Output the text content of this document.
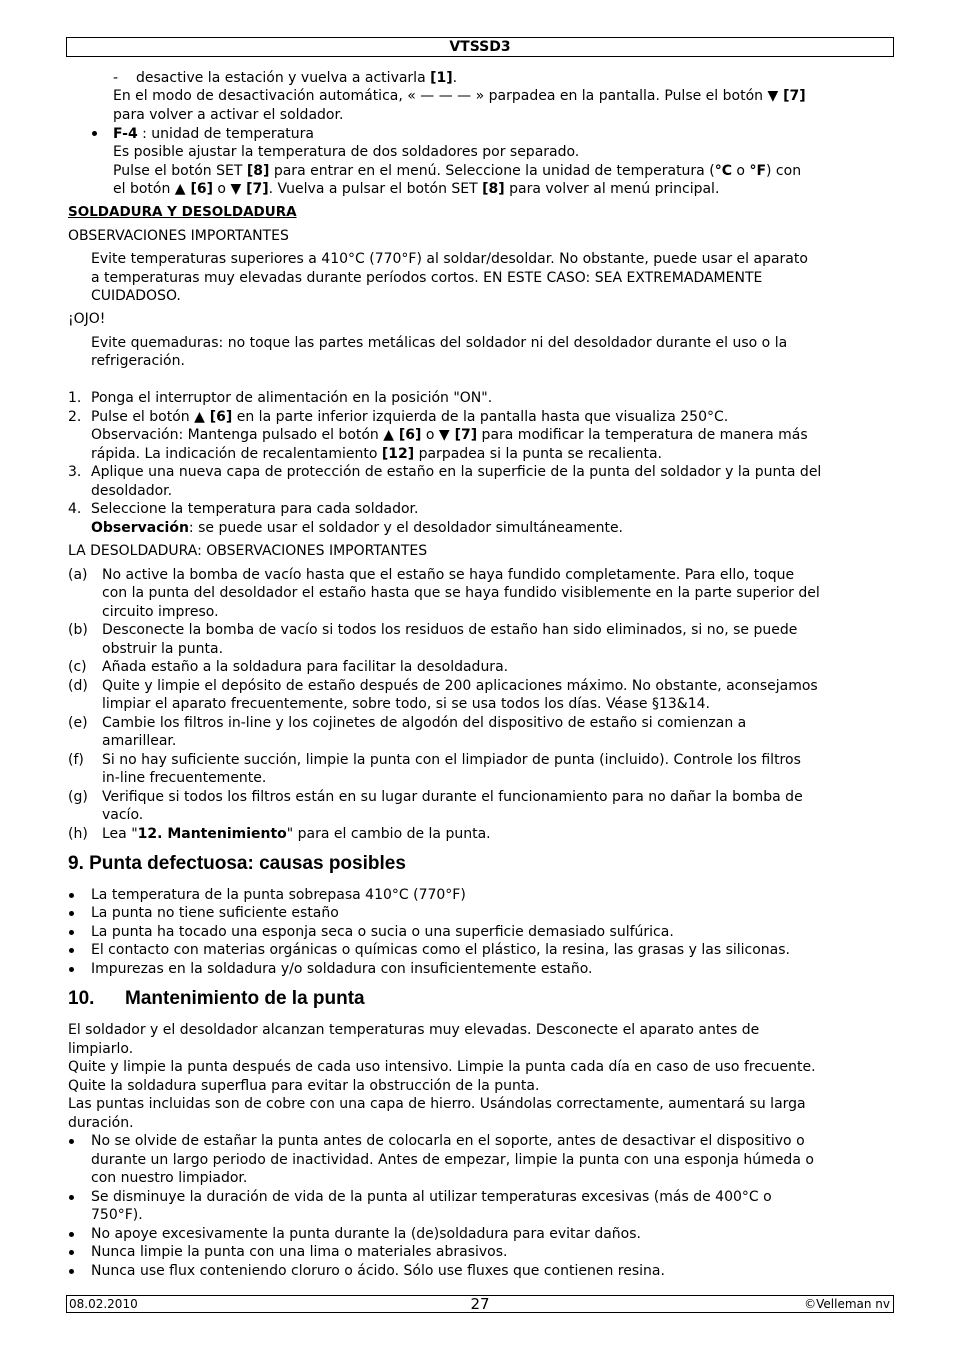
VTSSD3
- desactive la estación y vuelva a activarla [1].
En el modo de desactivación automática, « — — — » parpadea en la pantalla. Pulse el botón ▼ [7]
para volver a activar el soldador.
F-4 : unidad de temperatura
Es posible ajustar la temperatura de dos soldadores por separado.
Pulse el botón SET [8] para entrar en el menú. Seleccione la unidad de temperatura (°C o °F) con
el botón ▲ [6] o ▼ [7]. Vuelva a pulsar el botón SET [8] para volver al menú principal.
SOLDADURA Y DESOLDADURA
OBSERVACIONES IMPORTANTES
Evite temperaturas superiores a 410°C (770°F) al soldar/desoldar. No obstante, puede usar el aparato
a temperaturas muy elevadas durante períodos cortos. EN ESTE CASO: SEA EXTREMADAMENTE
CUIDADOSO.
¡OJO!
Evite quemaduras: no toque las partes metálicas del soldador ni del desoldador durante el uso o la
refrigeración.
1. Ponga el interruptor de alimentación en la posición "ON".
2. Pulse el botón ▲ [6] en la parte inferior izquierda de la pantalla hasta que visualiza 250°C.
Observación: Mantenga pulsado el botón ▲ [6] o ▼ [7] para modificar la temperatura de manera más
rápida. La indicación de recalentamiento [12] parpadea si la punta se recalienta.
3. Aplique una nueva capa de protección de estaño en la superficie de la punta del soldador y la punta del
desoldador.
4. Seleccione la temperatura para cada soldador.
Observación: se puede usar el soldador y el desoldador simultáneamente.
LA DESOLDADURA: OBSERVACIONES IMPORTANTES
(a) No active la bomba de vacío hasta que el estaño se haya fundido completamente. Para ello, toque
con la punta del desoldador el estaño hasta que se haya fundido visiblemente en la parte superior del
circuito impreso.
(b) Desconecte la bomba de vacío si todos los residuos de estaño han sido eliminados, si no, se puede
obstruir la punta.
(c) Añada estaño a la soldadura para facilitar la desoldadura.
(d) Quite y limpie el depósito de estaño después de 200 aplicaciones máximo. No obstante, aconsejamos
limpiar el aparato frecuentemente, sobre todo, si se usa todos los días. Véase §13&14.
(e) Cambie los filtros in-line y los cojinetes de algodón del dispositivo de estaño si comienzan a
amarillear.
(f) Si no hay suficiente succión, limpie la punta con el limpiador de punta (incluido). Controle los filtros
in-line frecuentemente.
(g) Verifique si todos los filtros están en su lugar durante el funcionamiento para no dañar la bomba de
vacío.
(h) Lea "12. Mantenimiento" para el cambio de la punta.
9. Punta defectuosa: causas posibles
La temperatura de la punta sobrepasa 410°C (770°F)
La punta no tiene suficiente estaño
La punta ha tocado una esponja seca o sucia o una superficie demasiado sulfúrica.
El contacto con materias orgánicas o químicas como el plástico, la resina, las grasas y las siliconas.
Impurezas en la soldadura y/o soldadura con insuficientemente estaño.
10. Mantenimiento de la punta
El soldador y el desoldador alcanzan temperaturas muy elevadas. Desconecte el aparato antes de
limpiarlo.
Quite y limpie la punta después de cada uso intensivo. Limpie la punta cada día en caso de uso frecuente.
Quite la soldadura superflua para evitar la obstrucción de la punta.
Las puntas incluidas son de cobre con una capa de hierro. Usándolas correctamente, aumentará su larga
duración.
No se olvide de estañar la punta antes de colocarla en el soporte, antes de desactivar el dispositivo o
durante un largo periodo de inactividad. Antes de empezar, limpie la punta con una esponja húmeda o
con nuestro limpiador.
Se disminuye la duración de vida de la punta al utilizar temperaturas excesivas (más de 400°C o
750°F).
No apoye excesivamente la punta durante la (de)soldadura para evitar daños.
Nunca limpie la punta con una lima o materiales abrasivos.
Nunca use flux conteniendo cloruro o ácido. Sólo use fluxes que contienen resina.
08.02.2010	27	©Velleman nv
